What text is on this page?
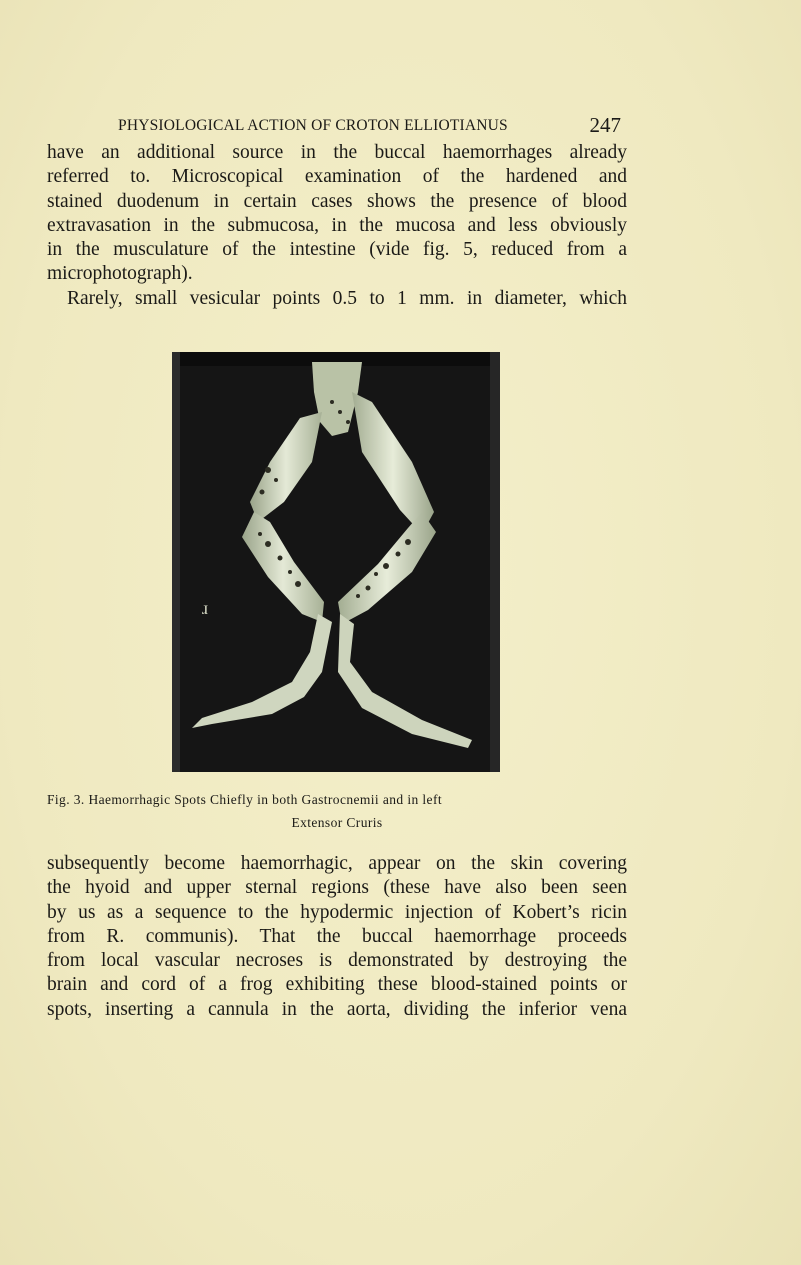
PHYSIOLOGICAL ACTION OF CROTON ELLIOTIANUS	247
have an additional source in the buccal haemorrhages already
referred to. Microscopical examination of the hardened and
stained duodenum in certain cases shows the presence of blood
extravasation in the submucosa, in the mucosa and less obviously
in the musculature of the intestine (vide fig. 5, reduced from a
microphotograph).
Rarely, small vesicular points 0.5 to 1 mm. in diameter, which
ɹ
Fig. 3. Haemorrhagic Spots Chiefly in both Gastrocnemii and in left
Extensor Cruris
subsequently become haemorrhagic, appear on the skin covering
the hyoid and upper sternal regions (these have also been seen
by us as a sequence to the hypodermic injection of Kobert’s ricin
from R. communis). That the buccal haemorrhage proceeds
from local vascular necroses is demonstrated by destroying the
brain and cord of a frog exhibiting these blood-stained points or
spots, inserting a cannula in the aorta, dividing the inferior vena
